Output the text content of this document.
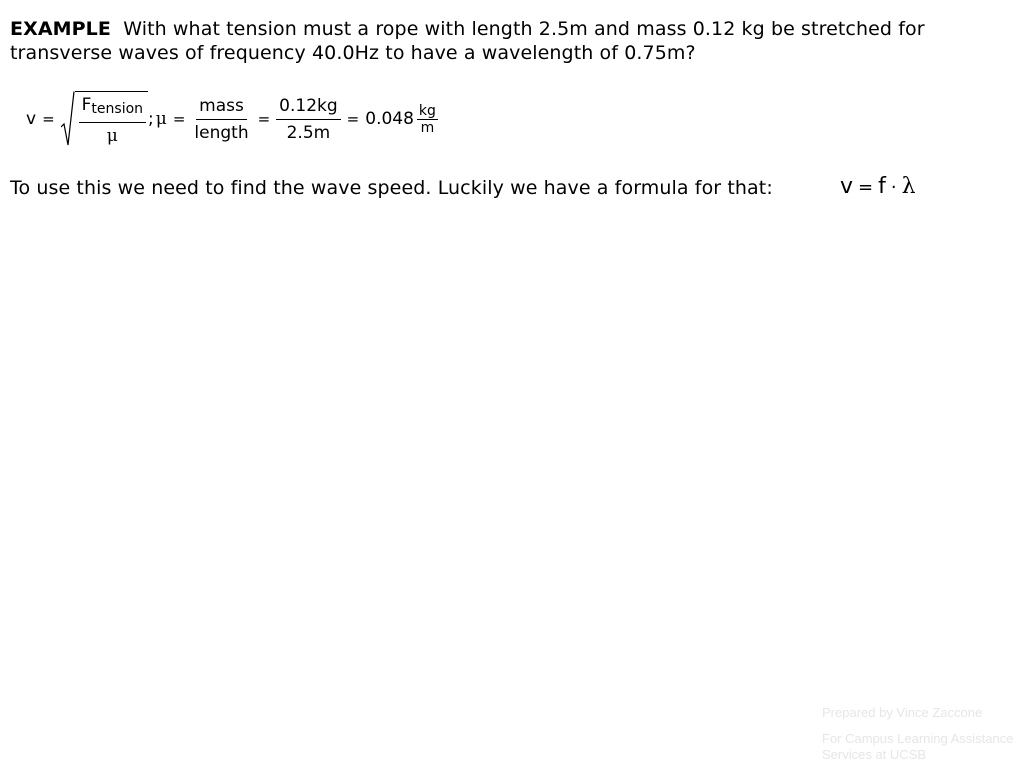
EXAMPLE With what tension must a rope with length 2.5m and mass 0.12 kg be stretched for transverse waves of frequency 40.0Hz to have a wavelength of 0.75m?
$v = \frac{F_{tension}}{\mu}$ ; $\mu = \frac{\text{mass}}{\text{length}} = \frac{0.12kg}{2.5m} = 0.048 \frac{kg}{m}$
To use this we need to find the wave speed. Luckily we have a formula for that:	v = f · λ
Prepared by Vince Zaccone
For Campus Learning Assistance Services at UCSB
